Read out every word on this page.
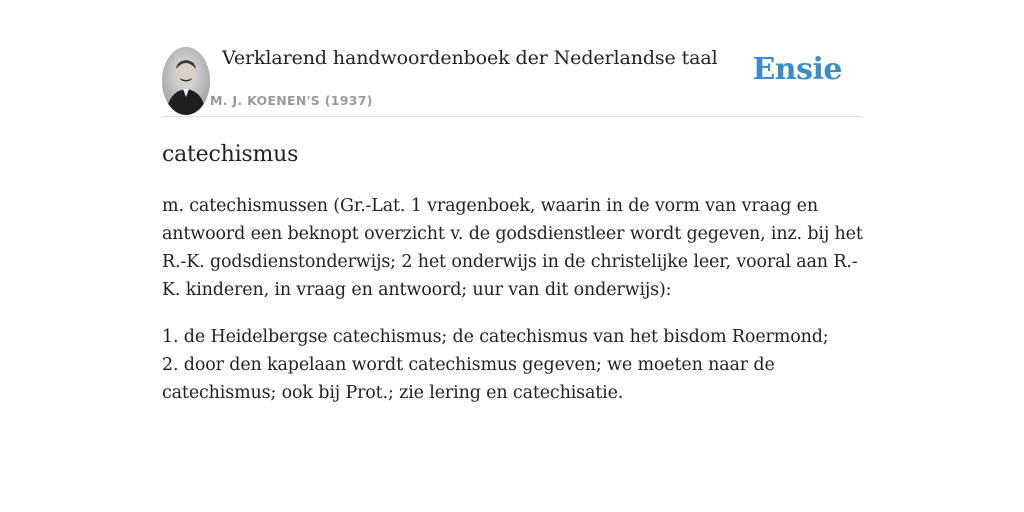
Verklarend handwoordenboek der Nederlandse taal
M. J. KOENEN'S (1937)
Ensie
catechismus

m. catechismussen (Gr.-Lat. 1 vragenboek, waarin in de vorm van vraag en antwoord een beknopt overzicht v. de godsdienstleer wordt gegeven, inz. bij het R.-K. godsdienstonderwijs; 2 het onderwijs in de christelijke leer, vooral aan R.-K. kinderen, in vraag en antwoord; uur van dit onderwijs):

1. de Heidelbergse catechismus; de catechismus van het bisdom Roermond;
2. door den kapelaan wordt catechismus gegeven; we moeten naar de catechismus; ook bij Prot.; zie lering en catechisatie.
